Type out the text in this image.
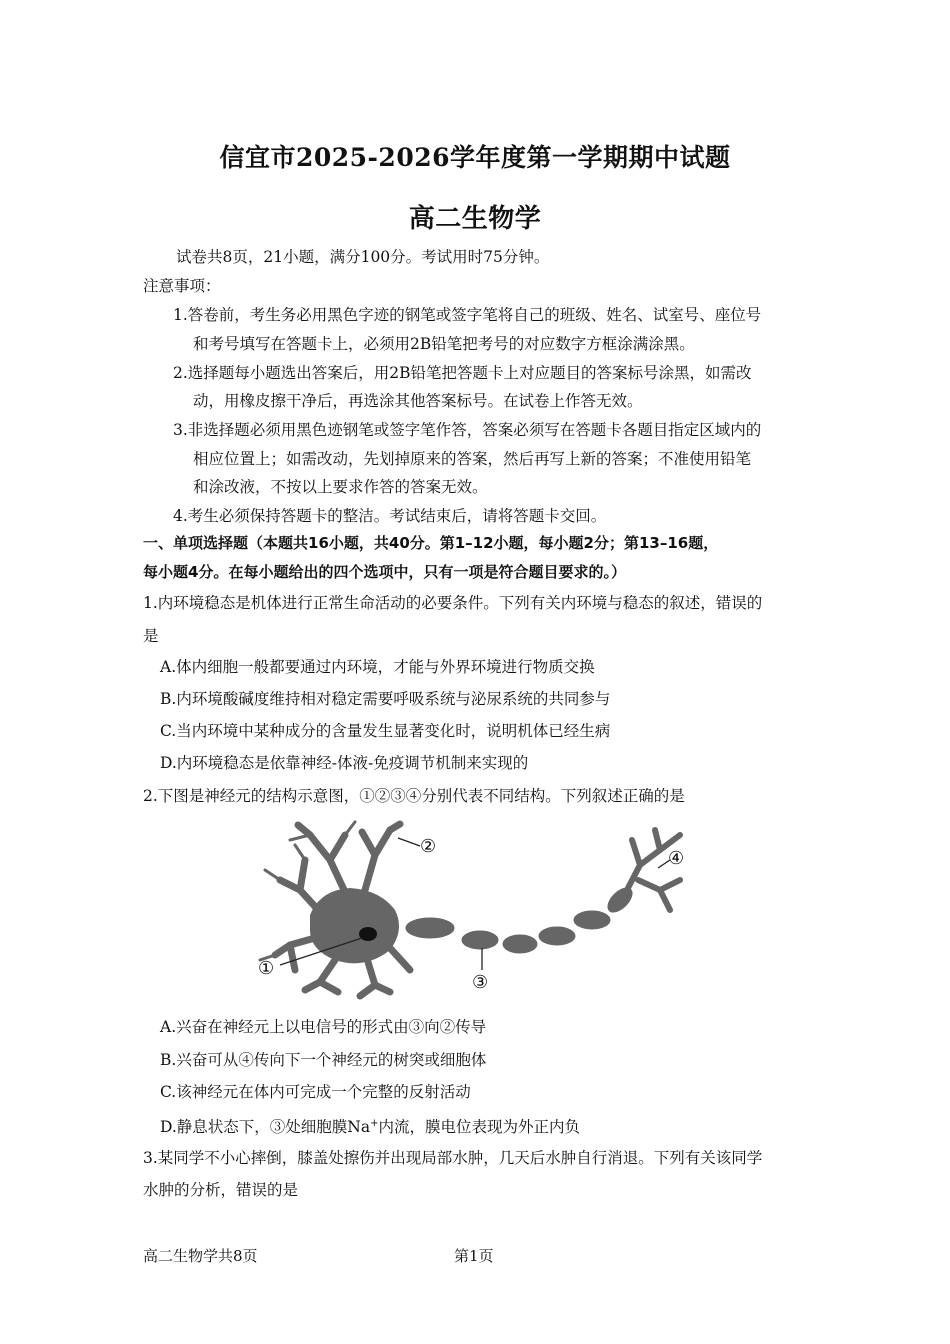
信宜市2025-2026学年度第一学期期中试题
高二生物学
试卷共8页，21小题，满分100分。考试用时75分钟。
注意事项：
1.答卷前，考生务必用黑色字迹的钢笔或签字笔将自己的班级、姓名、试室号、座位号
和考号填写在答题卡上，必须用2B铅笔把考号的对应数字方框涂满涂黑。
2.选择题每小题选出答案后，用2B铅笔把答题卡上对应题目的答案标号涂黑，如需改
动，用橡皮擦干净后，再选涂其他答案标号。在试卷上作答无效。
3.非选择题必须用黑色迹钢笔或签字笔作答，答案必须写在答题卡各题目指定区域内的
相应位置上；如需改动，先划掉原来的答案，然后再写上新的答案；不准使用铅笔
和涂改液，不按以上要求作答的答案无效。
4.考生必须保持答题卡的整洁。考试结束后，请将答题卡交回。
一、单项选择题（本题共16小题，共40分。第1–12小题，每小题2分；第13–16题，
每小题4分。在每小题给出的四个选项中，只有一项是符合题目要求的。）
1.内环境稳态是机体进行正常生命活动的必要条件。下列有关内环境与稳态的叙述，错误的
是
A.体内细胞一般都要通过内环境，才能与外界环境进行物质交换
B.内环境酸碱度维持相对稳定需要呼吸系统与泌尿系统的共同参与
C.当内环境中某种成分的含量发生显著变化时，说明机体已经生病
D.内环境稳态是依靠神经-体液-免疫调节机制来实现的
2.下图是神经元的结构示意图，①②③④分别代表不同结构。下列叙述正确的是
①
②
③
④
A.兴奋在神经元上以电信号的形式由③向②传导
B.兴奋可从④传向下一个神经元的树突或细胞体
C.该神经元在体内可完成一个完整的反射活动
D.静息状态下，③处细胞膜Na+内流，膜电位表现为外正内负
3.某同学不小心摔倒，膝盖处擦伤并出现局部水肿，几天后水肿自行消退。下列有关该同学
水肿的分析，错误的是
高二生物学共8页	第1页
